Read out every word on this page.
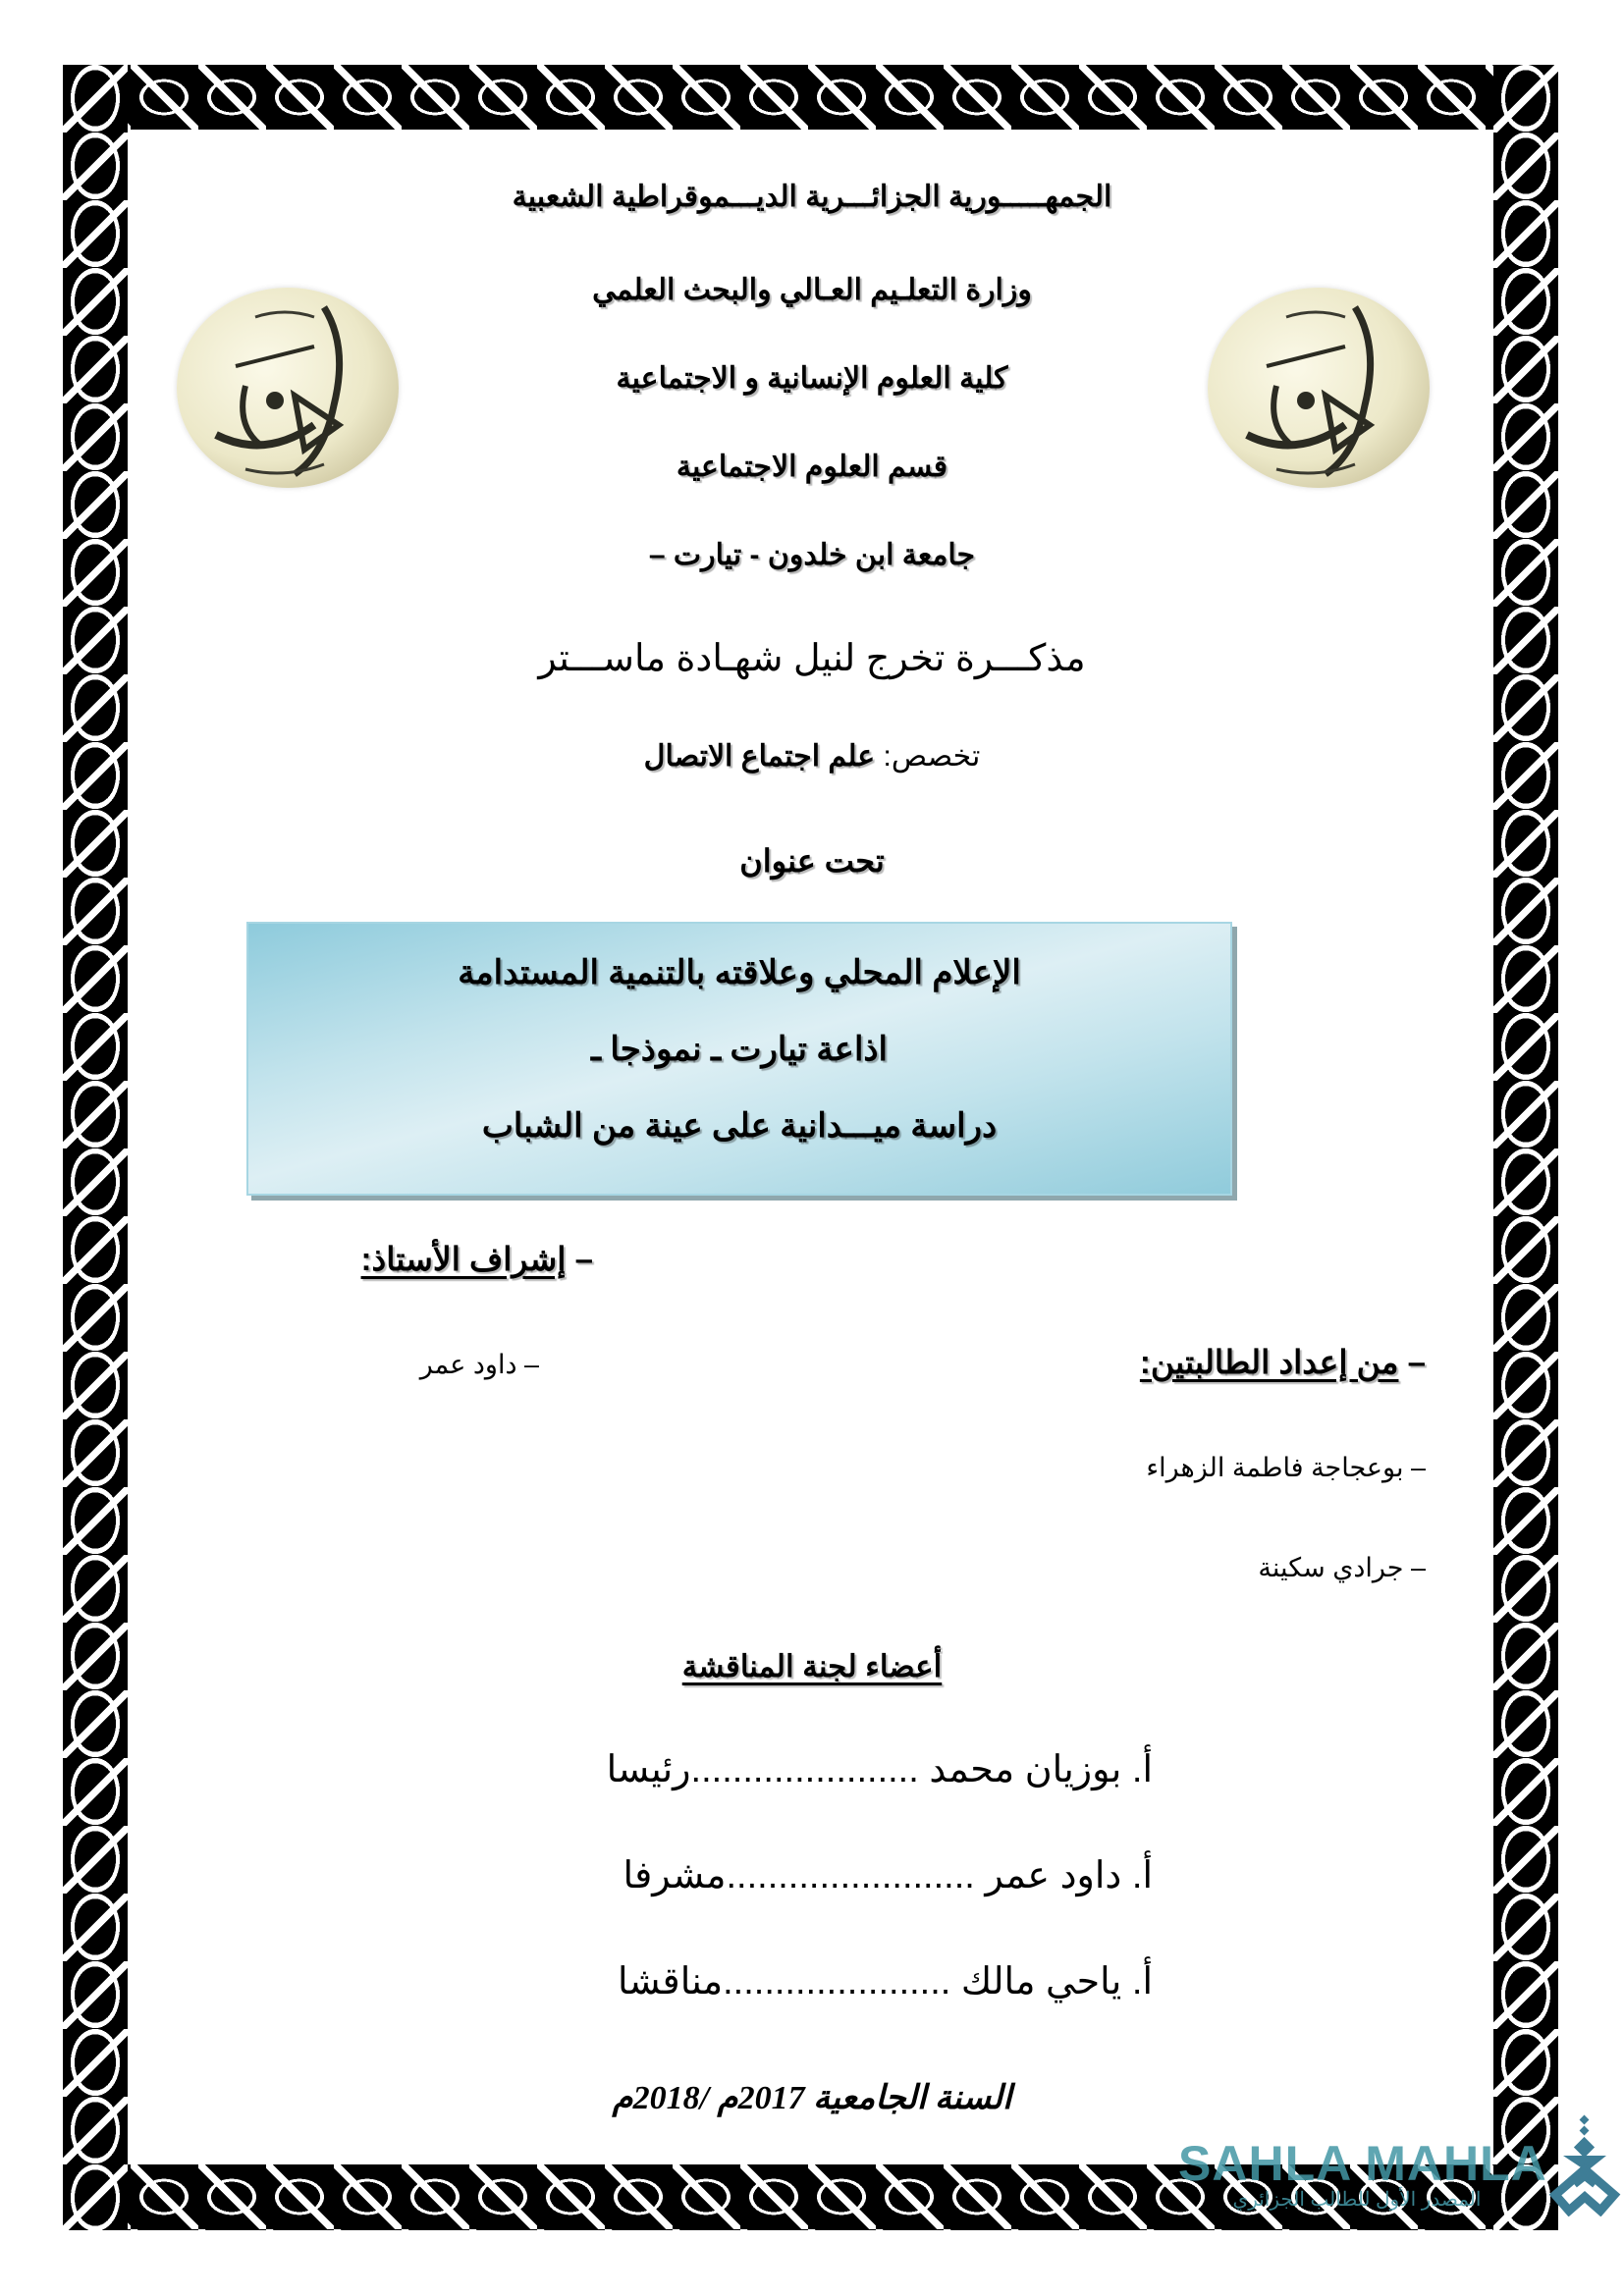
الجمهـــــورية الجزائـــرية الديـــموقراطية الشعبية
وزارة التعلـيم العـالي والبحث العلمي
كلية العلوم الإنسانية و الاجتماعية
قسم العلوم الاجتماعية
جامعة ابن خلدون - تيارت –
مذكـــرة تخرج لنيل شهـادة ماســـتر
تخصص: علم اجتماع الاتصال
تحت عنوان
الإعلام المحلي وعلاقته بالتنمية المستدامة
اذاعة تيارت ـ نموذجا ـ
دراسة ميـــدانية على عينة من الشباب
– إشراف الأستاذ:
– من إعداد الطالبتين:
– داود عمر
– بوعجاجة فاطمة الزهراء
– جرادي سكينة
أعضاء لجنة المناقشة
أ. بوزيان محمد ......................رئيسا
أ. داود عمر ........................مشرفا
أ. ياحي مالك ......................مناقشا
السنة الجامعية 2017م /2018م
SAHLA MAHLA
المصدر الأول للطالب الجزائري
